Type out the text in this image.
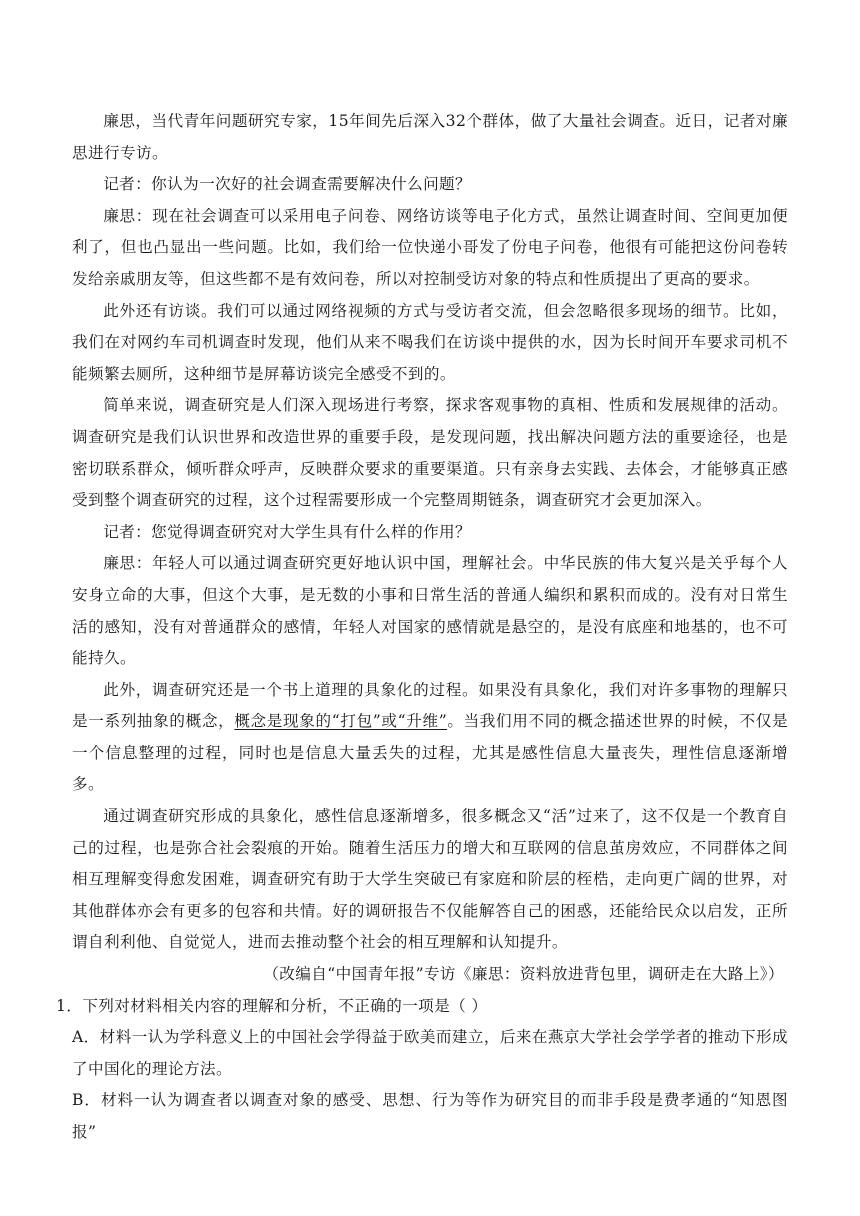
廉思，当代青年问题研究专家，15年间先后深入32个群体，做了大量社会调查。近日，记者对廉思进行专访。

记者：你认为一次好的社会调查需要解决什么问题？

廉思：现在社会调查可以采用电子问卷、网络访谈等电子化方式，虽然让调查时间、空间更加便利了，但也凸显出一些问题。比如，我们给一位快递小哥发了份电子问卷，他很有可能把这份问卷转发给亲戚朋友等，但这些都不是有效问卷，所以对控制受访对象的特点和性质提出了更高的要求。

此外还有访谈。我们可以通过网络视频的方式与受访者交流，但会忽略很多现场的细节。比如，我们在对网约车司机调查时发现，他们从来不喝我们在访谈中提供的水，因为长时间开车要求司机不能频繁去厕所，这种细节是屏幕访谈完全感受不到的。

简单来说，调查研究是人们深入现场进行考察，探求客观事物的真相、性质和发展规律的活动。调查研究是我们认识世界和改造世界的重要手段，是发现问题，找出解决问题方法的重要途径，也是密切联系群众，倾听群众呼声，反映群众要求的重要渠道。只有亲身去实践、去体会，才能够真正感受到整个调查研究的过程，这个过程需要形成一个完整周期链条，调查研究才会更加深入。

记者：您觉得调查研究对大学生具有什么样的作用？

廉思：年轻人可以通过调查研究更好地认识中国，理解社会。中华民族的伟大复兴是关乎每个人安身立命的大事，但这个大事，是无数的小事和日常生活的普通人编织和累积而成的。没有对日常生活的感知，没有对普通群众的感情，年轻人对国家的感情就是悬空的，是没有底座和地基的，也不可能持久。

此外，调查研究还是一个书上道理的具象化的过程。如果没有具象化，我们对许多事物的理解只是一系列抽象的概念，概念是现象的“打包”或“升维”。当我们用不同的概念描述世界的时候，不仅是一个信息整理的过程，同时也是信息大量丢失的过程，尤其是感性信息大量丧失，理性信息逐渐增多。

通过调查研究形成的具象化，感性信息逐渐增多，很多概念又“活”过来了，这不仅是一个教育自己的过程，也是弥合社会裂痕的开始。随着生活压力的增大和互联网的信息茧房效应，不同群体之间相互理解变得愈发困难，调查研究有助于大学生突破已有家庭和阶层的桎梏，走向更广阔的世界，对其他群体亦会有更多的包容和共情。好的调研报告不仅能解答自己的困惑，还能给民众以启发，正所谓自利利他、自觉觉人，进而去推动整个社会的相互理解和认知提升。

（改编自“中国青年报”专访《廉思：资料放进背包里，调研走在大路上》）

1．下列对材料相关内容的理解和分析，不正确的一项是（ ）

A．材料一认为学科意义上的中国社会学得益于欧美而建立，后来在燕京大学社会学学者的推动下形成了中国化的理论方法。

B．材料一认为调查者以调查对象的感受、思想、行为等作为研究目的而非手段是费孝通的“知恩图报”
